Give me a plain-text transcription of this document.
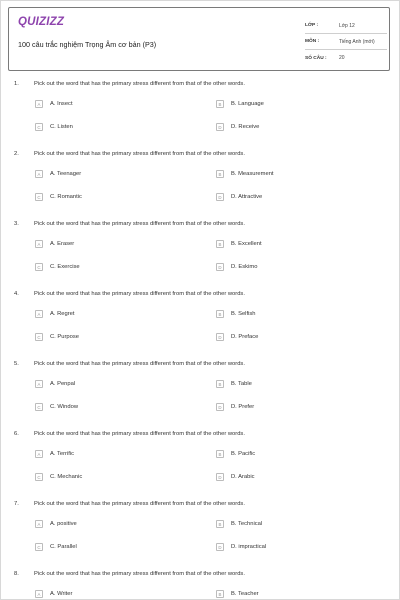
QUIZIZZ
100 câu trắc nghiệm Trọng Âm cơ bản (P3)
LỚP :	Lớp 12
MÔN :	Tiếng Anh (mới)
SỐ CÂU :	20
1.	Pick out the word that has the primary stress different from that of the other words.
A	A. Insect	B	B. Language
C	C. Listen	D	D. Receive
2.	Pick out the word that has the primary stress different from that of the other words.
A	A. Teenager	B	B. Measurement
C	C. Romantic	D	D. Attractive
3.	Pick out the word that has the primary stress different from that of the other words.
A	A. Eraser	B	B. Excellent
C	C. Exercise	D	D. Eskimo
4.	Pick out the word that has the primary stress different from that of the other words.
A	A. Regret	B	B. Selfish
C	C. Purpose	D	D. Preface
5.	Pick out the word that has the primary stress different from that of the other words.
A	A. Penpal	B	B. Table
C	C. Window	D	D. Prefer
6.	Pick out the word that has the primary stress different from that of the other words.
A	A. Terrific	B	B. Pacific
C	C. Mechanic	D	D. Arabic
7.	Pick out the word that has the primary stress different from that of the other words.
A	A. positive	B	B. Technical
C	C. Parallel	D	D. impractical
8.	Pick out the word that has the primary stress different from that of the other words.
A	A. Writer	B	B. Teacher
